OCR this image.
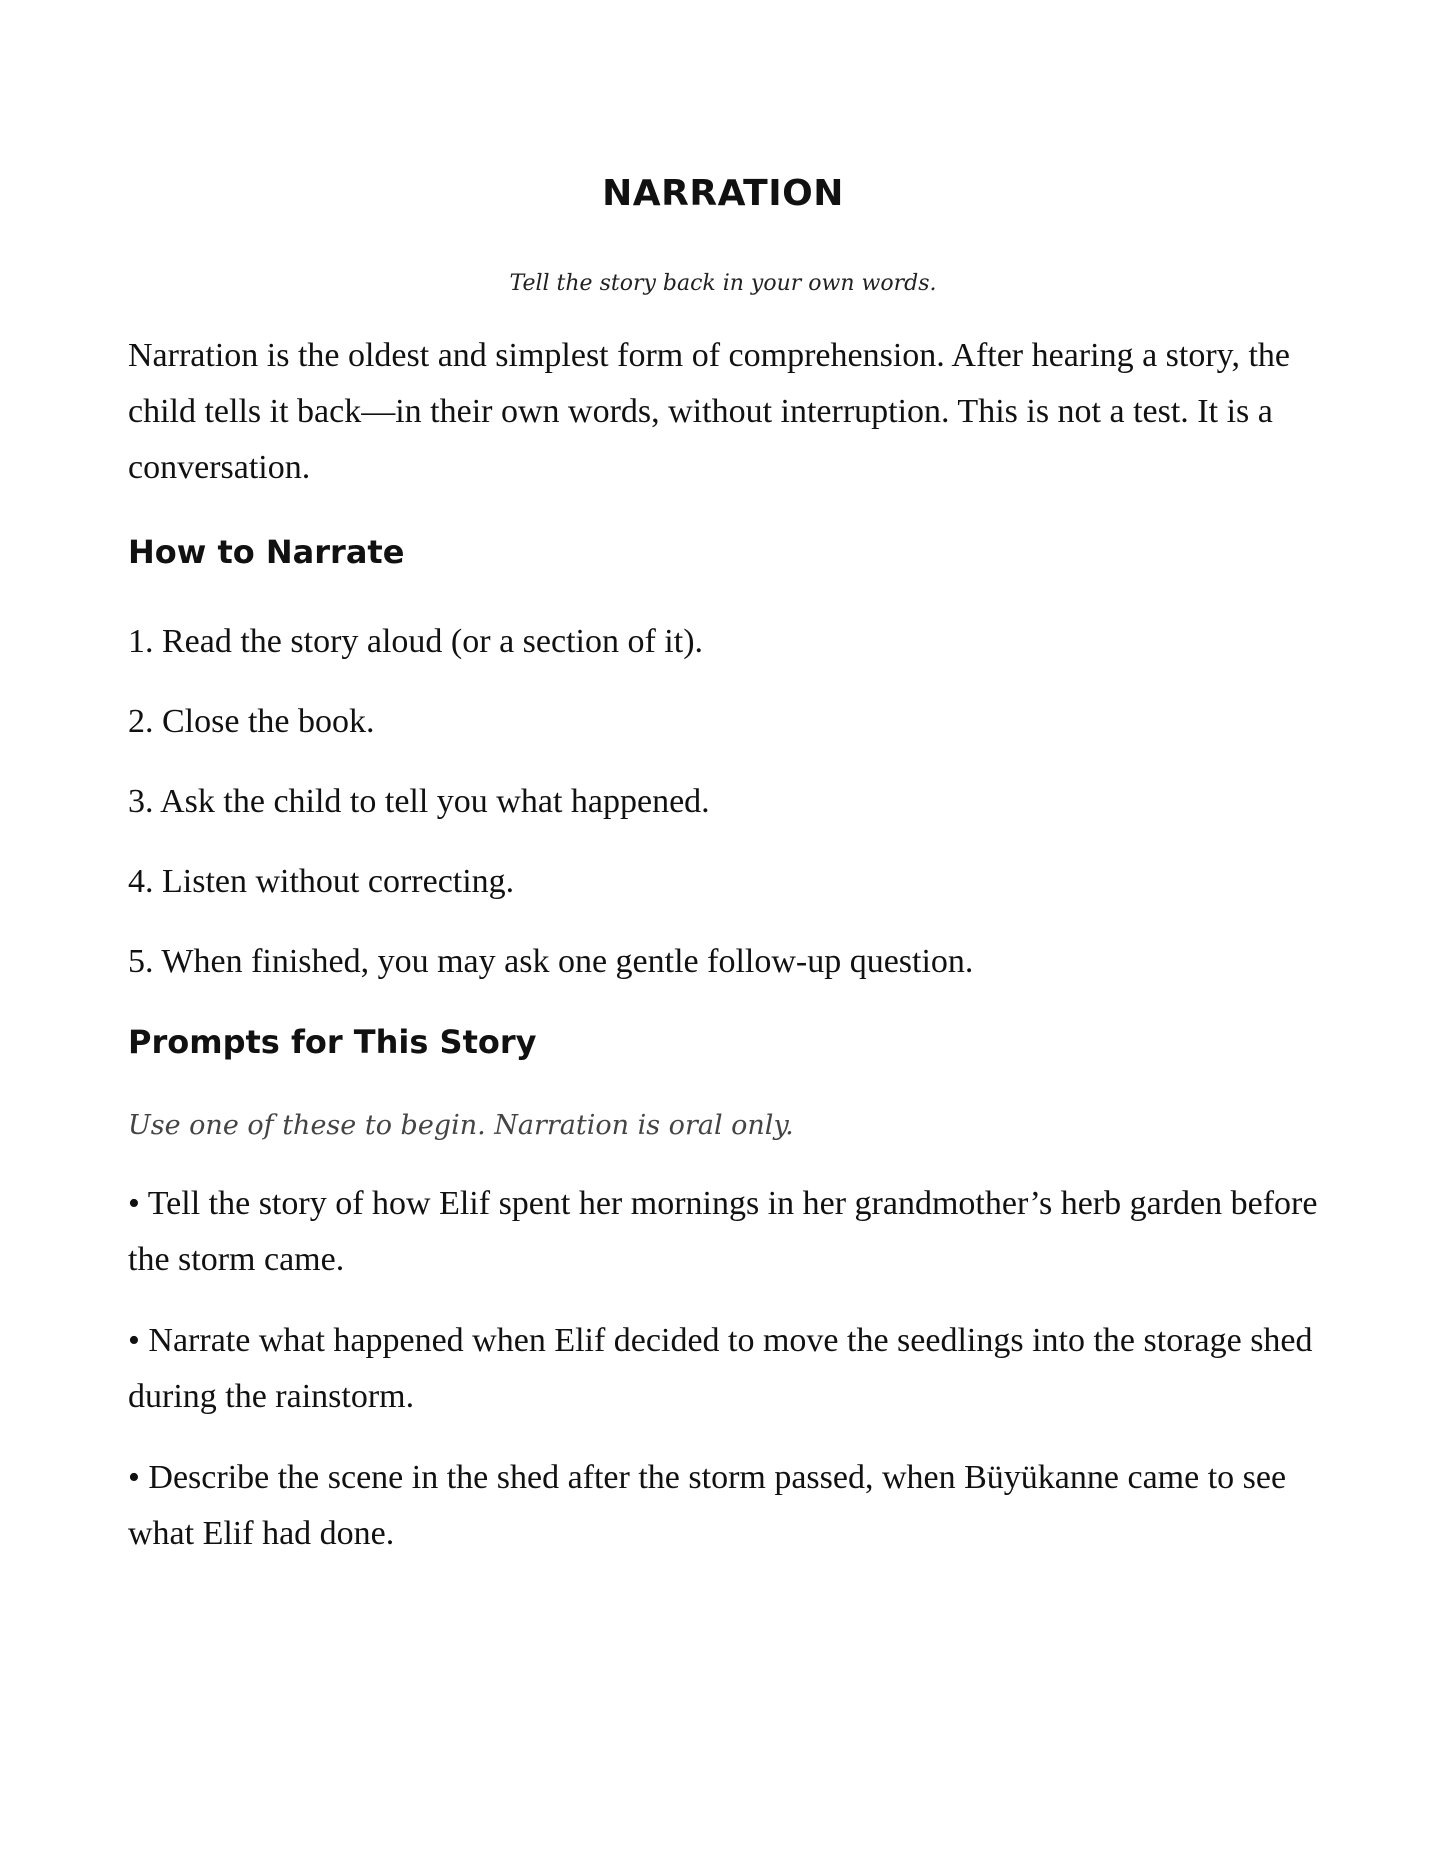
NARRATION

Tell the story back in your own words.

Narration is the oldest and simplest form of comprehension. After hearing a story, the child tells it back—in their own words, without interruption. This is not a test. It is a conversation.

How to Narrate

1. Read the story aloud (or a section of it).

2. Close the book.

3. Ask the child to tell you what happened.

4. Listen without correcting.

5. When finished, you may ask one gentle follow-up question.

Prompts for This Story

Use one of these to begin. Narration is oral only.

• Tell the story of how Elif spent her mornings in her grandmother’s herb garden before the storm came.

• Narrate what happened when Elif decided to move the seedlings into the storage shed during the rainstorm.

• Describe the scene in the shed after the storm passed, when Büyükanne came to see what Elif had done.
